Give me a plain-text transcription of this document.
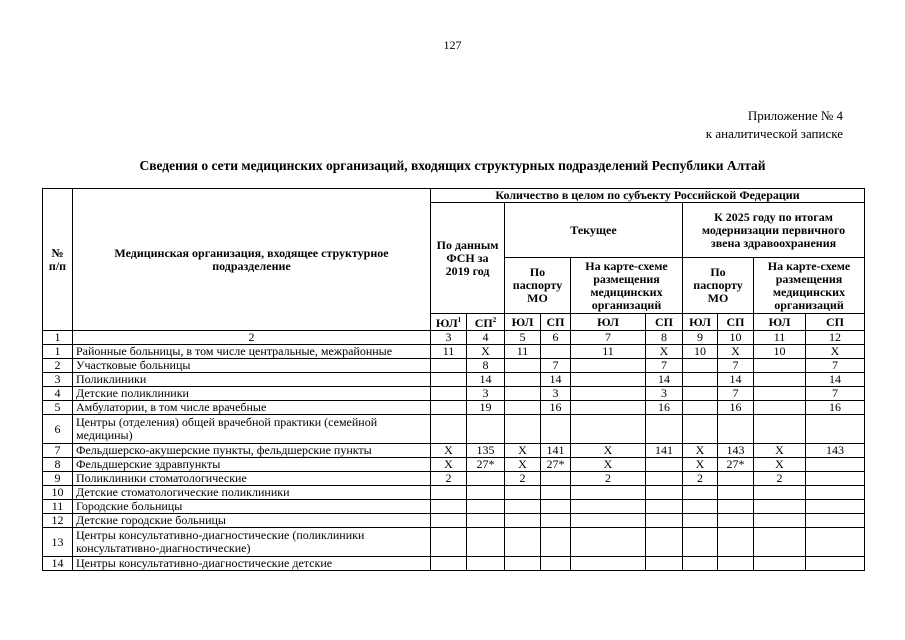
127
Приложение № 4
к аналитической записке
Сведения о сети медицинских организаций, входящих структурных подразделений Республики Алтай
№ п/п	Медицинская организация, входящее структурное подразделение	Количество в целом по субъекту Российской Федерации									
		По данным ФСН за 2019 год		Текущее				К 2025 году по итогам модернизации первичного звена здравоохранения			
				По паспорту МО		На карте-схеме размещения медицинских организаций		По паспорту МО		На карте-схеме размещения медицинских организаций	
		$ЮЛ^1$	$СП^2$	ЮЛ	СП	ЮЛ	СП	ЮЛ	СП	ЮЛ	СП
1	2	3	4	5	6	7	8	9	10	11	12
1	Районные больницы, в том числе центральные, межрайонные	11	X	11		11	X	10	X	10	X
2	Участковые больницы		8		7		7		7		7
3	Поликлиники		14		14		14		14		14
4	Детские поликлиники		3		3		3		7		7
5	Амбулатории, в том числе врачебные		19		16		16		16		16
6	Центры (отделения) общей врачебной практики (семейной медицины)										
7	Фельдшерско-акушерские пункты, фельдшерские пункты	X	135	X	141	X	141	X	143	X	143
8	Фельдшерские здравпункты	X	27*	X	27*	X		X	27*	X	
9	Поликлиники стоматологические	2		2		2		2		2	
10	Детские стоматологические поликлиники										
11	Городские больницы										
12	Детские городские больницы										
13	Центры консультативно-диагностические (поликлиники консультативно-диагностические)										
14	Центры консультативно-диагностические детские										
